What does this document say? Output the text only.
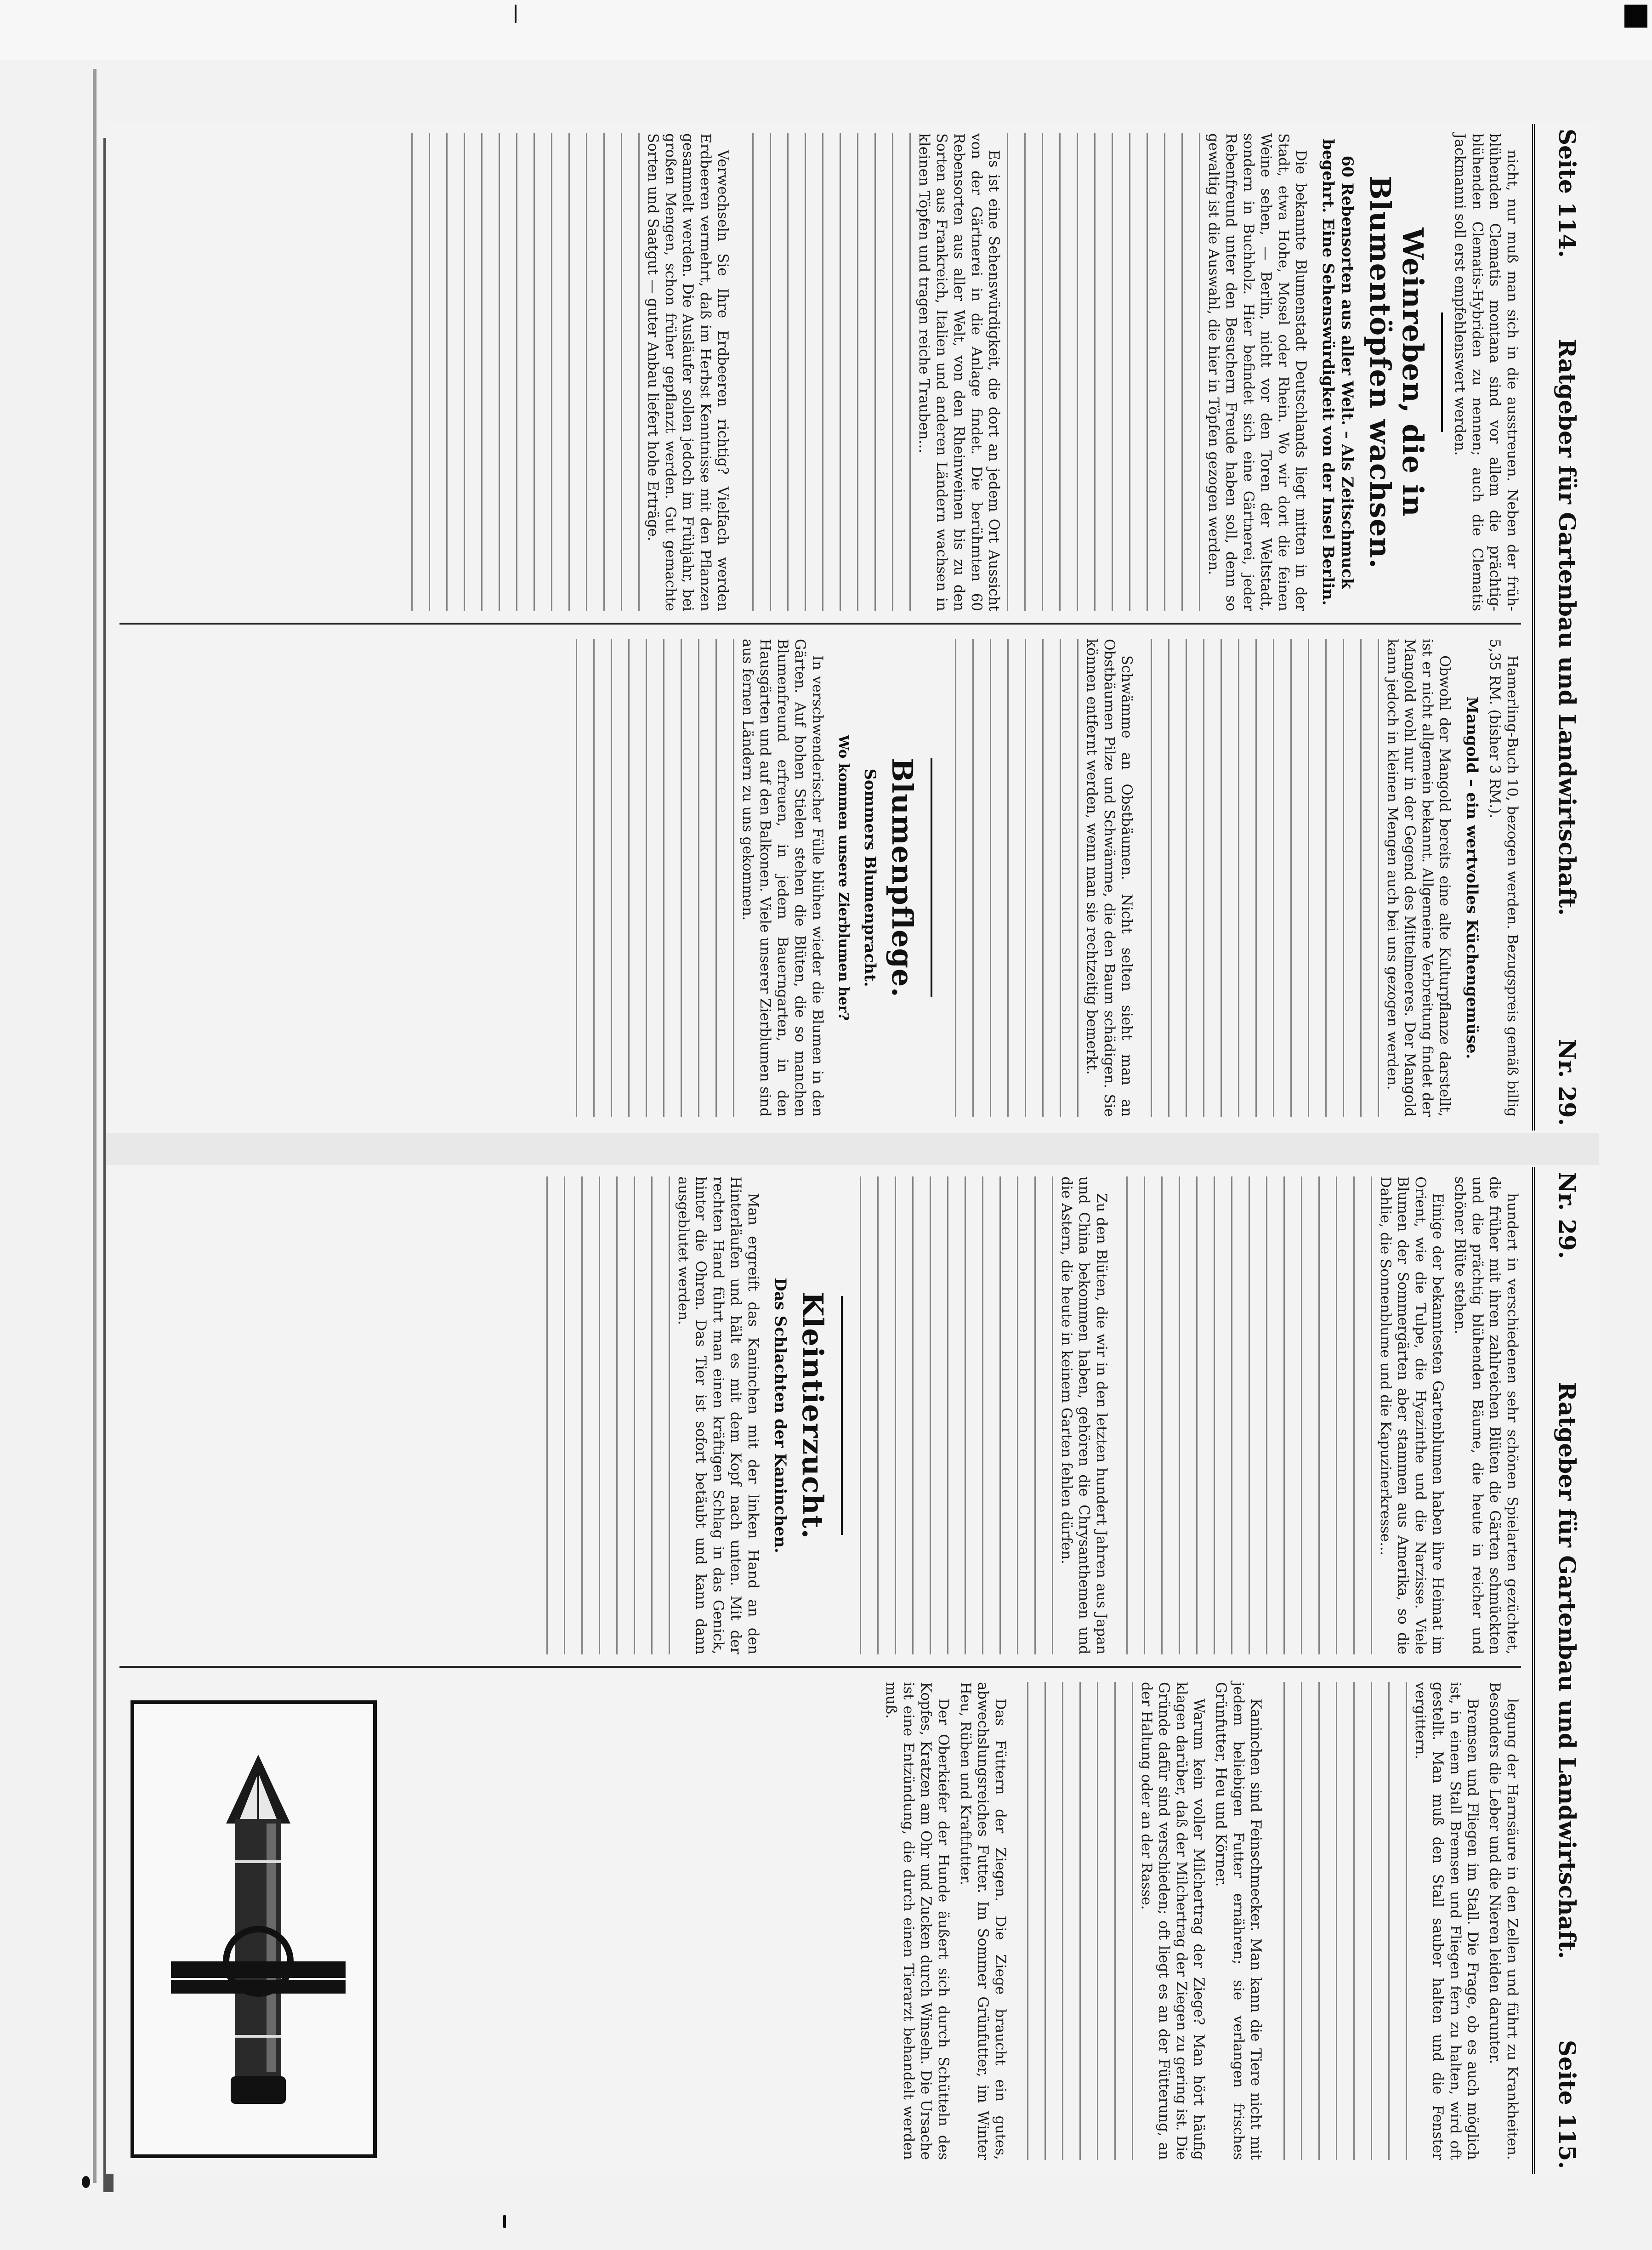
Seite 114.
Ratgeber für Gartenbau und Landwirtschaft.
Nr. 29.

nicht, nur muß man sich in die ausstreuen. Neben der früh-blühenden Clematis montana sind vor allem die prächtig-blühenden Clematis-Hybriden zu nennen; auch die Clematis Jackmanni soll erst empfehlenswert werden.

Weinreben, die in Blumentöpfen wachsen.
60 Rebensorten aus aller Welt. – Als Zeitschmuck begehrt. Eine Sehenswürdigkeit von der Insel Berlin.

Die bekannte Blumenstadt Deutschlands liegt mitten in der Stadt, etwa Hohe, Mosel oder Rhein. Wo wir dort die feinen Weine sehen, — Berlin, nicht vor den Toren der Weltstadt, sondern in Buchholz. Hier befindet sich eine Gärtnerei, jeder Rebenfreund unter den Besuchern Freude haben soll, denn so gewaltig ist die Auswahl, die hier in Töpfen gezogen werden.

Es ist eine Sehenswürdigkeit, die dort an jedem Ort Aussicht von der Gärtnerei in die Anlage findet. Die berühmten 60 Rebensorten aus aller Welt, von den Rheinweinen bis zu den Sorten aus Frankreich, Italien und anderen Ländern wachsen in kleinen Töpfen und tragen reiche Trauben...

Verwechseln Sie Ihre Erdbeeren richtig? Vielfach werden Erdbeeren vermehrt, daß im Herbst Kenntnisse mit den Pflanzen gesammelt werden. Die Ausläufer sollen jedoch im Frühjahr, bei großen Mengen, schon früher gepflanzt werden. Gut gemachte Sorten und Saatgut — guter Anbau liefert hohe Erträge.

Hamerling-Buch 10, bezogen werden. Bezugspreis gemäß billig 5,35 RM. (bisher 3 RM.).

Mangold – ein wertvolles Küchengemüse.

Obwohl der Mangold bereits eine alte Kulturpflanze darstellt, ist er nicht allgemein bekannt. Allgemeine Verbreitung findet der Mangold wohl nur in der Gegend des Mittelmeeres. Der Mangold kann jedoch in kleinen Mengen auch bei uns gezogen werden.

Schwämme an Obstbäumen. Nicht selten sieht man an Obstbäumen Pilze und Schwämme, die den Baum schädigen. Sie können entfernt werden, wenn man sie rechtzeitig bemerkt.

Blumenpflege.
Sommers Blumenpracht.
Wo kommen unsere Zierblumen her?

In verschwenderischer Fülle blühen wieder die Blumen in den Gärten. Auf hohen Stielen stehen die Blüten, die so manchen Blumenfreund erfreuen, in jedem Bauerngarten, in den Hausgärten und auf den Balkonen. Viele unserer Zierblumen sind aus fernen Ländern zu uns gekommen.

Nr. 29.
Ratgeber für Gartenbau und Landwirtschaft.
Seite 115.

hundert in verschiedenen sehr schönen Spielarten gezüchtet, die früher mit ihren zahlreichen Blüten die Gärten schmückten und die prächtig blühenden Bäume, die heute in reicher und schöner Blüte stehen.

Einige der bekanntesten Gartenblumen haben ihre Heimat im Orient, wie die Tulpe, die Hyazinthe und die Narzisse. Viele Blumen der Sommergärten aber stammen aus Amerika, so die Dahlie, die Sonnenblume und die Kapuzinerkresse...

Zu den Blüten, die wir in den letzten hundert Jahren aus Japan und China bekommen haben, gehören die Chrysanthemen und die Astern, die heute in keinem Garten fehlen dürfen.

Kleintierzucht.
Das Schlachten der Kaninchen.

Man ergreift das Kaninchen mit der linken Hand an den Hinterläufen und hält es mit dem Kopf nach unten. Mit der rechten Hand führt man einen kräftigen Schlag in das Genick, hinter die Ohren. Das Tier ist sofort betäubt und kann dann ausgeblutet werden.

legung der Harnsäure in den Zellen und führt zu Krankheiten. Besonders die Leber und die Nieren leiden darunter.

Bremsen und Fliegen im Stall. Die Frage, ob es auch möglich ist, in einem Stall Bremsen und Fliegen fern zu halten, wird oft gestellt. Man muß den Stall sauber halten und die Fenster vergittern.

Kaninchen sind Feinschmecker. Man kann die Tiere nicht mit jedem beliebigen Futter ernähren; sie verlangen frisches Grünfutter, Heu und Körner.

Warum kein voller Milchertrag der Ziege? Man hört häufig klagen darüber, daß der Milchertrag der Ziegen zu gering ist. Die Gründe dafür sind verschieden; oft liegt es an der Fütterung, an der Haltung oder an der Rasse.

Das Füttern der Ziegen. Die Ziege braucht ein gutes, abwechslungsreiches Futter. Im Sommer Grünfutter, im Winter Heu, Rüben und Kraftfutter.

Der Oberkiefer der Hunde äußert sich durch Schütteln des Kopfes, Kratzen am Ohr und Zucken durch Winseln. Die Ursache ist eine Entzündung, die durch einen Tierarzt behandelt werden muß.
